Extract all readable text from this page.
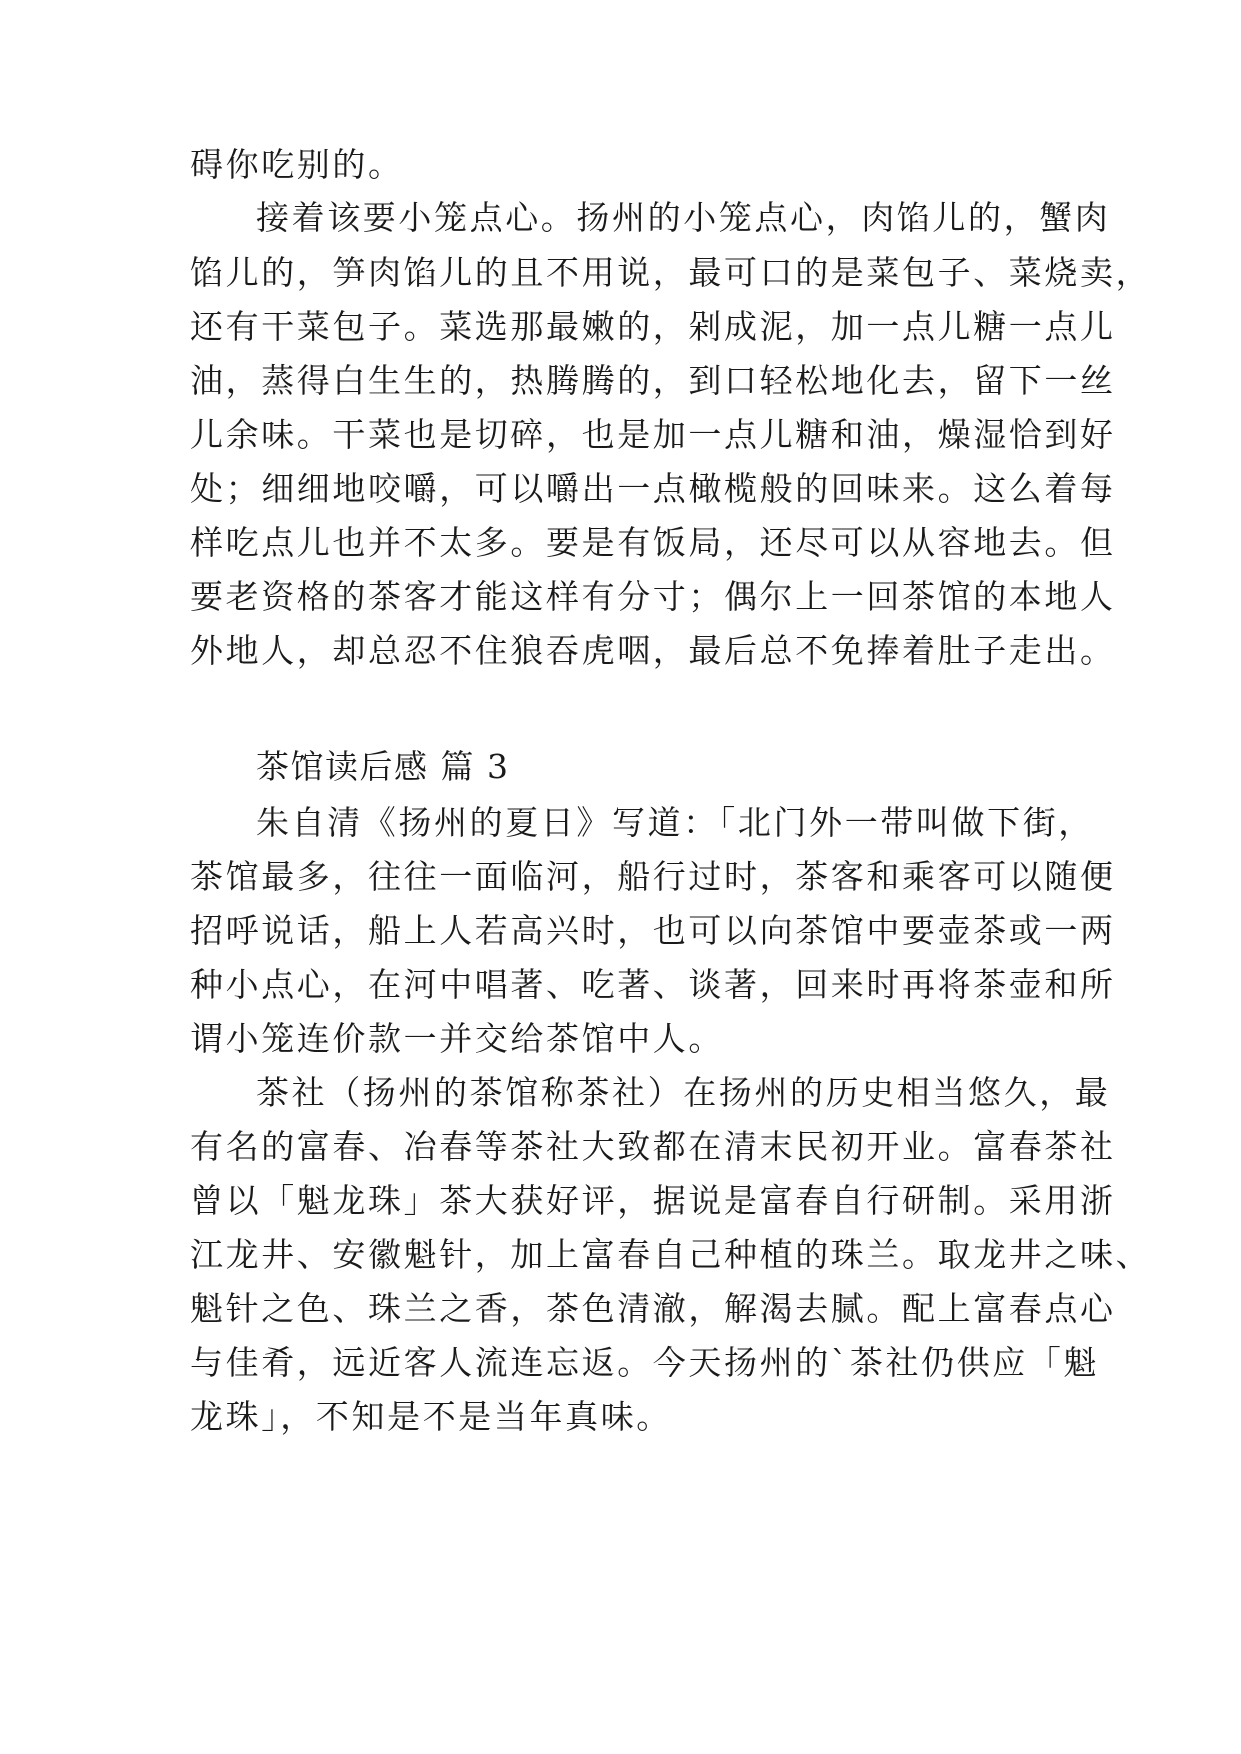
碍你吃别的。
接着该要小笼点心。扬州的小笼点心，肉馅儿的，蟹肉
馅儿的，笋肉馅儿的且不用说，最可口的是菜包子、菜烧卖，
还有干菜包子。菜选那最嫩的，剁成泥，加一点儿糖一点儿
油，蒸得白生生的，热腾腾的，到口轻松地化去，留下一丝
儿余味。干菜也是切碎，也是加一点儿糖和油，燥湿恰到好
处；细细地咬嚼，可以嚼出一点橄榄般的回味来。这么着每
样吃点儿也并不太多。要是有饭局，还尽可以从容地去。但
要老资格的茶客才能这样有分寸；偶尔上一回茶馆的本地人
外地人，却总忍不住狼吞虎咽，最后总不免捧着肚子走出。
茶馆读后感 篇 3
朱自清《扬州的夏日》写道：「北门外一带叫做下街，
茶馆最多，往往一面临河，船行过时，茶客和乘客可以随便
招呼说话，船上人若高兴时，也可以向茶馆中要壶茶或一两
种小点心，在河中唱著、吃著、谈著，回来时再将茶壶和所
谓小笼连价款一并交给茶馆中人。
茶社（扬州的茶馆称茶社）在扬州的历史相当悠久，最
有名的富春、冶春等茶社大致都在清末民初开业。富春茶社
曾以「魁龙珠」茶大获好评，据说是富春自行研制。采用浙
江龙井、安徽魁针，加上富春自己种植的珠兰。取龙井之味、
魁针之色、珠兰之香，茶色清澈，解渴去腻。配上富春点心
与佳肴，远近客人流连忘返。今天扬州的`茶社仍供应「魁
龙珠」，不知是不是当年真味。
